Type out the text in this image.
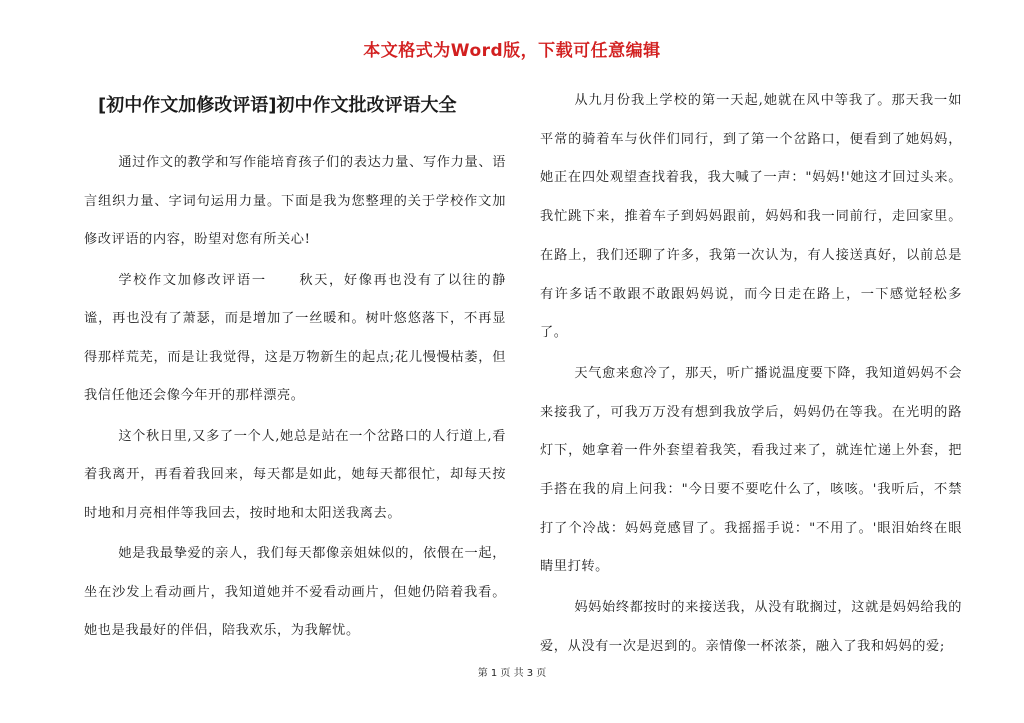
本文格式为Word版，下载可任意编辑
[初中作文加修改评语]初中作文批改评语大全

通过作文的教学和写作能培育孩子们的表达力量、写作力量、语言组织力量、字词句运用力量。下面是我为您整理的关于学校作文加修改评语的内容，盼望对您有所关心!

学校作文加修改评语一 秋天，好像再也没有了以往的静谧，再也没有了萧瑟，而是增加了一丝暖和。树叶悠悠落下，不再显得那样荒芜，而是让我觉得，这是万物新生的起点;花儿慢慢枯萎，但我信任他还会像今年开的那样漂亮。

这个秋日里,又多了一个人,她总是站在一个岔路口的人行道上,看着我离开，再看着我回来，每天都是如此，她每天都很忙，却每天按时地和月亮相伴等我回去，按时地和太阳送我离去。

她是我最挚爱的亲人，我们每天都像亲姐妹似的，依偎在一起，坐在沙发上看动画片，我知道她并不爱看动画片，但她仍陪着我看。她也是我最好的伴侣，陪我欢乐，为我解忧。

从九月份我上学校的第一天起,她就在风中等我了。那天我一如平常的骑着车与伙伴们同行，到了第一个岔路口，便看到了她妈妈，她正在四处观望查找着我，我大喊了一声："妈妈!'她这才回过头来。我忙跳下来，推着车子到妈妈跟前，妈妈和我一同前行，走回家里。在路上，我们还聊了许多，我第一次认为，有人接送真好，以前总是有许多话不敢跟不敢跟妈妈说，而今日走在路上，一下感觉轻松多了。

天气愈来愈冷了，那天，听广播说温度要下降，我知道妈妈不会来接我了，可我万万没有想到我放学后，妈妈仍在等我。在光明的路灯下，她拿着一件外套望着我笑，看我过来了，就连忙递上外套，把手搭在我的肩上问我："今日要不要吃什么了，咳咳。'我听后，不禁打了个冷战：妈妈竟感冒了。我摇摇手说："不用了。'眼泪始终在眼睛里打转。

妈妈始终都按时的来接送我，从没有耽搁过，这就是妈妈给我的爱，从没有一次是迟到的。亲情像一杯浓茶，融入了我和妈妈的爱;

第 1 页 共 3 页
